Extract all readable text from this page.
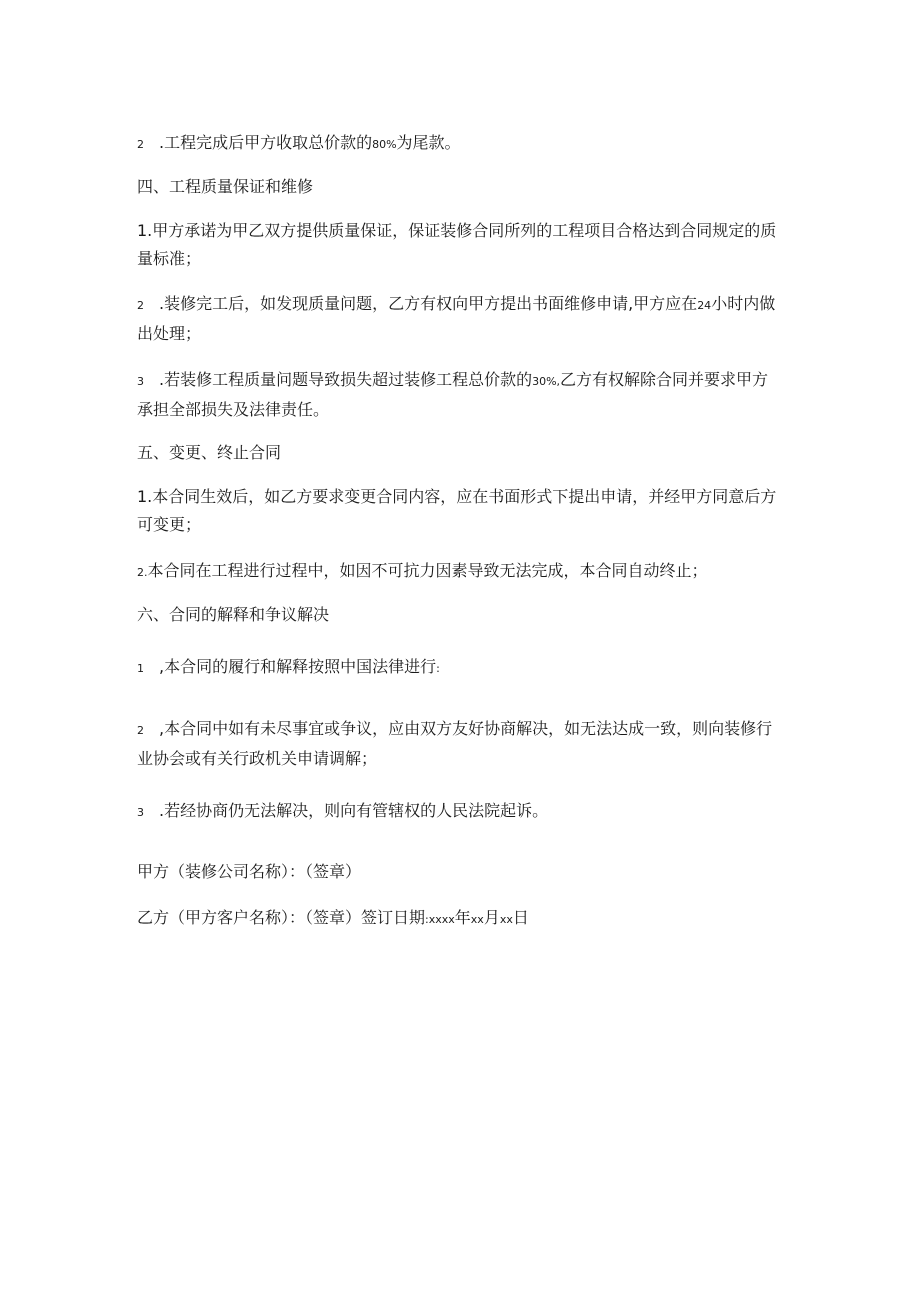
2 .工程完成后甲方收取总价款的80%为尾款。

四、工程质量保证和维修

1.甲方承诺为甲乙双方提供质量保证，保证装修合同所列的工程项目合格达到合同规定的质量标准；

2 .装修完工后，如发现质量问题，乙方有权向甲方提出书面维修申请,甲方应在24小时内做出处理；

3 .若装修工程质量问题导致损失超过装修工程总价款的30%,乙方有权解除合同并要求甲方承担全部损失及法律责任。

五、变更、终止合同

1.本合同生效后，如乙方要求变更合同内容，应在书面形式下提出申请，并经甲方同意后方可变更；

2.本合同在工程进行过程中，如因不可抗力因素导致无法完成，本合同自动终止；

六、合同的解释和争议解决

1 ,本合同的履行和解释按照中国法律进行:

2 ,本合同中如有未尽事宜或争议，应由双方友好协商解决，如无法达成一致，则向装修行业协会或有关行政机关申请调解；

3 .若经协商仍无法解决，则向有管辖权的人民法院起诉。

甲方（装修公司名称）：（签章）

乙方（甲方客户名称）：（签章）签订日期:xxxx年xx月xx日
